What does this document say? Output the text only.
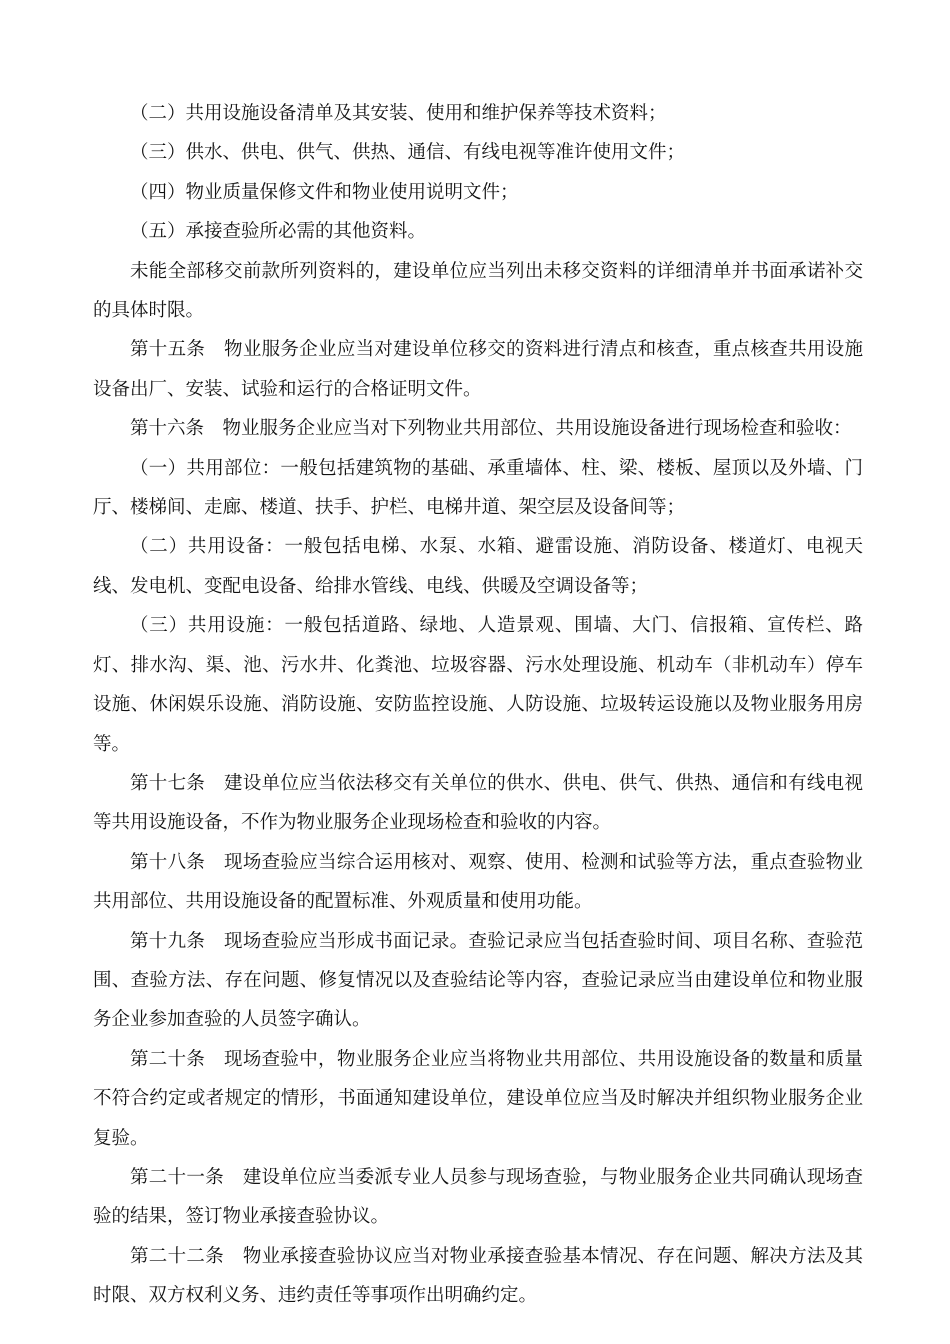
（二）共用设施设备清单及其安装、使用和维护保养等技术资料；

（三）供水、供电、供气、供热、通信、有线电视等准许使用文件；

（四）物业质量保修文件和物业使用说明文件；

（五）承接查验所必需的其他资料。

未能全部移交前款所列资料的，建设单位应当列出未移交资料的详细清单并书面承诺补交的具体时限。

第十五条　物业服务企业应当对建设单位移交的资料进行清点和核查，重点核查共用设施设备出厂、安装、试验和运行的合格证明文件。

第十六条　物业服务企业应当对下列物业共用部位、共用设施设备进行现场检查和验收：

（一）共用部位：一般包括建筑物的基础、承重墙体、柱、梁、楼板、屋顶以及外墙、门厅、楼梯间、走廊、楼道、扶手、护栏、电梯井道、架空层及设备间等；

（二）共用设备：一般包括电梯、水泵、水箱、避雷设施、消防设备、楼道灯、电视天线、发电机、变配电设备、给排水管线、电线、供暖及空调设备等；

（三）共用设施：一般包括道路、绿地、人造景观、围墙、大门、信报箱、宣传栏、路灯、排水沟、渠、池、污水井、化粪池、垃圾容器、污水处理设施、机动车（非机动车）停车设施、休闲娱乐设施、消防设施、安防监控设施、人防设施、垃圾转运设施以及物业服务用房等。

第十七条　建设单位应当依法移交有关单位的供水、供电、供气、供热、通信和有线电视等共用设施设备，不作为物业服务企业现场检查和验收的内容。

第十八条　现场查验应当综合运用核对、观察、使用、检测和试验等方法，重点查验物业共用部位、共用设施设备的配置标准、外观质量和使用功能。

第十九条　现场查验应当形成书面记录。查验记录应当包括查验时间、项目名称、查验范围、查验方法、存在问题、修复情况以及查验结论等内容，查验记录应当由建设单位和物业服务企业参加查验的人员签字确认。

第二十条　现场查验中，物业服务企业应当将物业共用部位、共用设施设备的数量和质量不符合约定或者规定的情形，书面通知建设单位，建设单位应当及时解决并组织物业服务企业复验。

第二十一条　建设单位应当委派专业人员参与现场查验，与物业服务企业共同确认现场查验的结果，签订物业承接查验协议。

第二十二条　物业承接查验协议应当对物业承接查验基本情况、存在问题、解决方法及其时限、双方权利义务、违约责任等事项作出明确约定。
